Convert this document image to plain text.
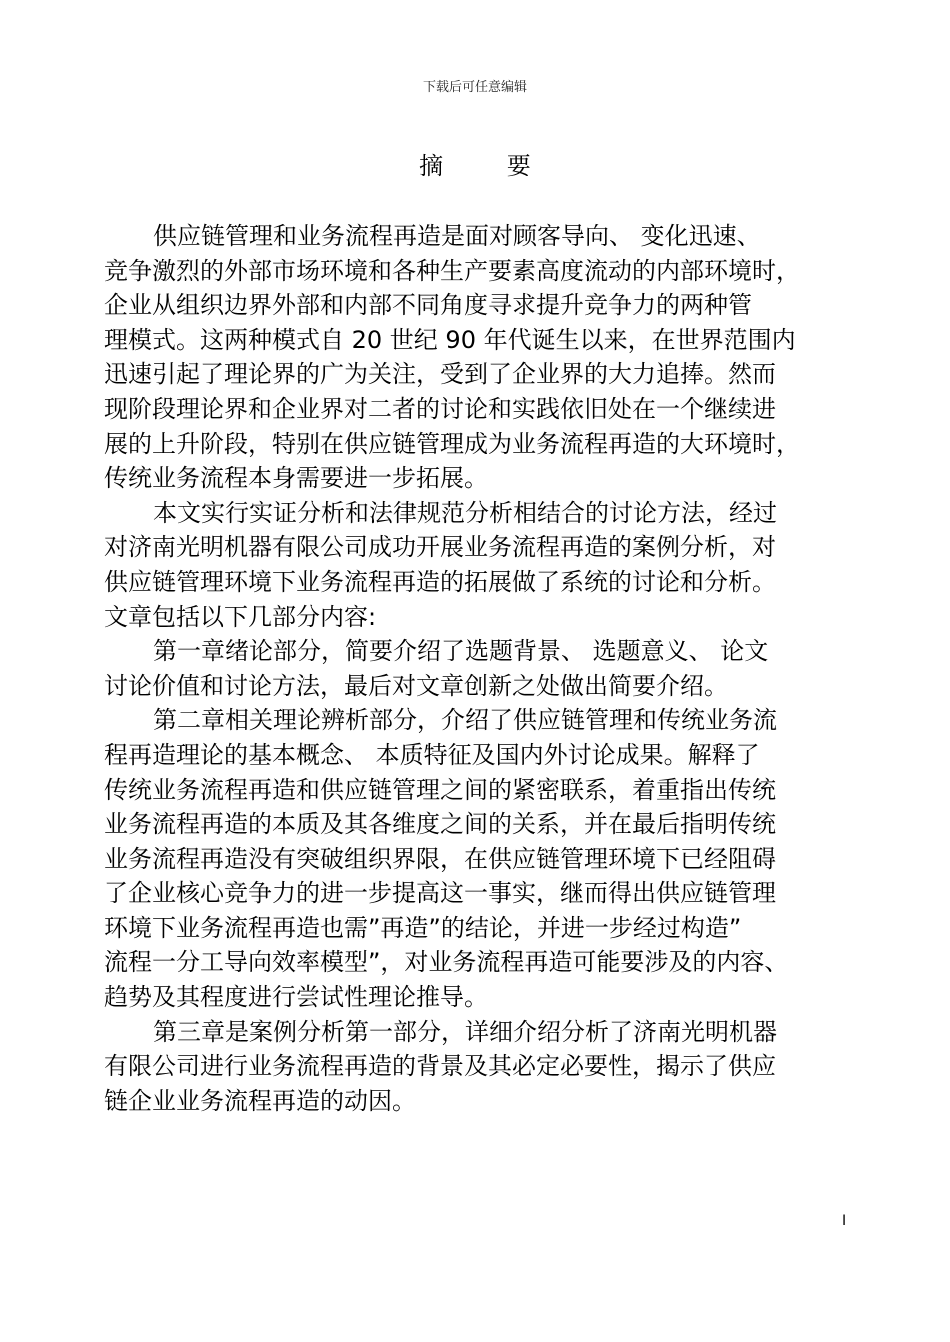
下载后可任意编辑
摘 要
供应链管理和业务流程再造是面对顾客导向、 变化迅速、
竞争激烈的外部市场环境和各种生产要素高度流动的内部环境时，
企业从组织边界外部和内部不同角度寻求提升竞争力的两种管
理模式。这两种模式自 20 世纪 90 年代诞生以来，在世界范围内
迅速引起了理论界的广为关注，受到了企业界的大力追捧。然而
现阶段理论界和企业界对二者的讨论和实践依旧处在一个继续进
展的上升阶段，特别在供应链管理成为业务流程再造的大环境时，
传统业务流程本身需要进一步拓展。
本文实行实证分析和法律规范分析相结合的讨论方法，经过
对济南光明机器有限公司成功开展业务流程再造的案例分析，对
供应链管理环境下业务流程再造的拓展做了系统的讨论和分析。
文章包括以下几部分内容:
第一章绪论部分，简要介绍了选题背景、 选题意义、 论文
讨论价值和讨论方法，最后对文章创新之处做出简要介绍。
第二章相关理论辨析部分，介绍了供应链管理和传统业务流
程再造理论的基本概念、 本质特征及国内外讨论成果。解释了
传统业务流程再造和供应链管理之间的紧密联系，着重指出传统
业务流程再造的本质及其各维度之间的关系，并在最后指明传统
业务流程再造没有突破组织界限，在供应链管理环境下已经阻碍
了企业核心竞争力的进一步提高这一事实，继而得出供应链管理
环境下业务流程再造也需”再造”的结论，并进一步经过构造”
流程一分工导向效率模型”，对业务流程再造可能要涉及的内容、
趋势及其程度进行尝试性理论推导。
第三章是案例分析第一部分，详细介绍分析了济南光明机器
有限公司进行业务流程再造的背景及其必定必要性，揭示了供应
链企业业务流程再造的动因。
I
